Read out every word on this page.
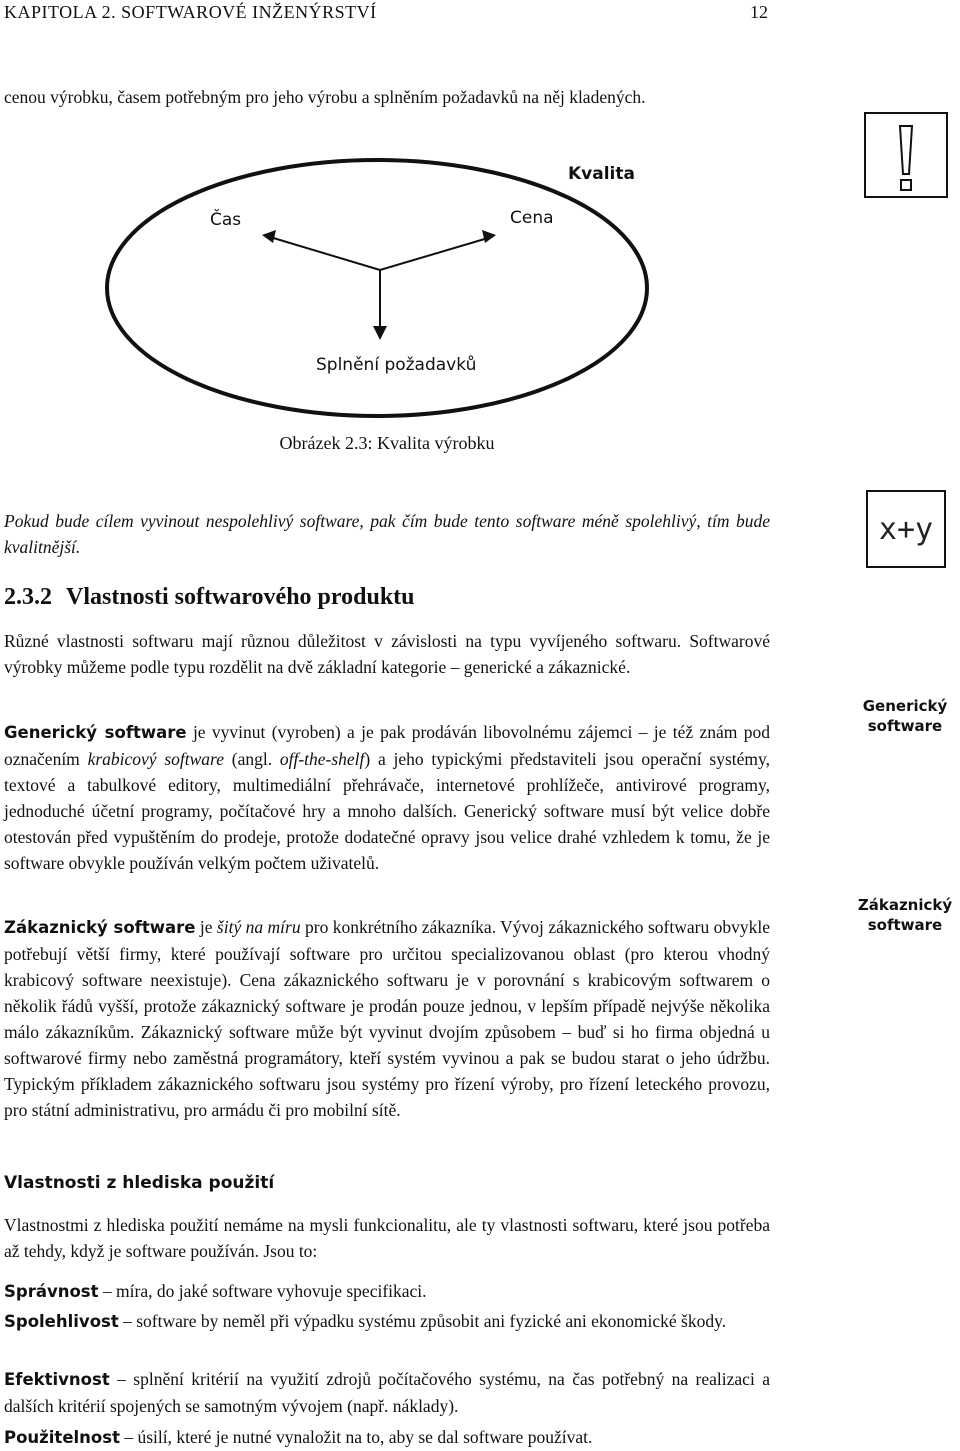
KAPITOLA 2. SOFTWAROVÉ INŽENÝRSTVÍ	12
cenou výrobku, časem potřebným pro jeho výrobu a splněním požadavků na něj kladených.
Kvalita
Čas	Cena
Splnění požadavků
Obrázek 2.3: Kvalita výrobku
Pokud bude cílem vyvinout nespolehlivý software, pak čím bude tento software méně spolehlivý, tím bude kvalitnější.	x+y
2.3.2 Vlastnosti softwarového produktu
Různé vlastnosti softwaru mají různou důležitost v závislosti na typu vyvíjeného softwaru. Softwarové výrobky můžeme podle typu rozdělit na dvě základní kategorie – generické a zákaznické.
Generický software je vyvinut (vyroben) a je pak prodáván libovolnému zájemci – je též znám pod označením krabicový software (angl. off-the-shelf) a jeho typickými představiteli jsou operační systémy, textové a tabulkové editory, multimediální přehrávače, internetové prohlížeče, antivirové programy, jednoduché účetní programy, počítačové hry a mnoho dalších. Generický software musí být velice dobře otestován před vypuštěním do prodeje, protože dodatečné opravy jsou velice drahé vzhledem k tomu, že je software obvykle používán velkým počtem uživatelů.
Generický
software
Zákaznický software je šitý na míru pro konkrétního zákazníka. Vývoj zákaznického softwaru obvykle potřebují větší firmy, které používají software pro určitou specializovanou oblast (pro kterou vhodný krabicový software neexistuje). Cena zákaznického softwaru je v porovnání s krabicovým softwarem o několik řádů vyšší, protože zákaznický software je prodán pouze jednou, v lepším případě nejvýše několika málo zákazníkům. Zákaznický software může být vyvinut dvojím způsobem – buď si ho firma objedná u softwarové firmy nebo zaměstná programátory, kteří systém vyvinou a pak se budou starat o jeho údržbu. Typickým příkladem zákaznického softwaru jsou systémy pro řízení výroby, pro řízení leteckého provozu, pro státní administrativu, pro armádu či pro mobilní sítě.
Zákaznický
software
Vlastnosti z hlediska použití
Vlastnostmi z hlediska použití nemáme na mysli funkcionalitu, ale ty vlastnosti softwaru, které jsou potřeba až tehdy, když je software používán. Jsou to:
Správnost – míra, do jaké software vyhovuje specifikaci.
Spolehlivost – software by neměl při výpadku systému způsobit ani fyzické ani ekonomické škody.
Efektivnost – splnění kritérií na využití zdrojů počítačového systému, na čas potřebný na realizaci a dalších kritérií spojených se samotným vývojem (např. náklady).
Použitelnost – úsilí, které je nutné vynaložit na to, aby se dal software používat.
